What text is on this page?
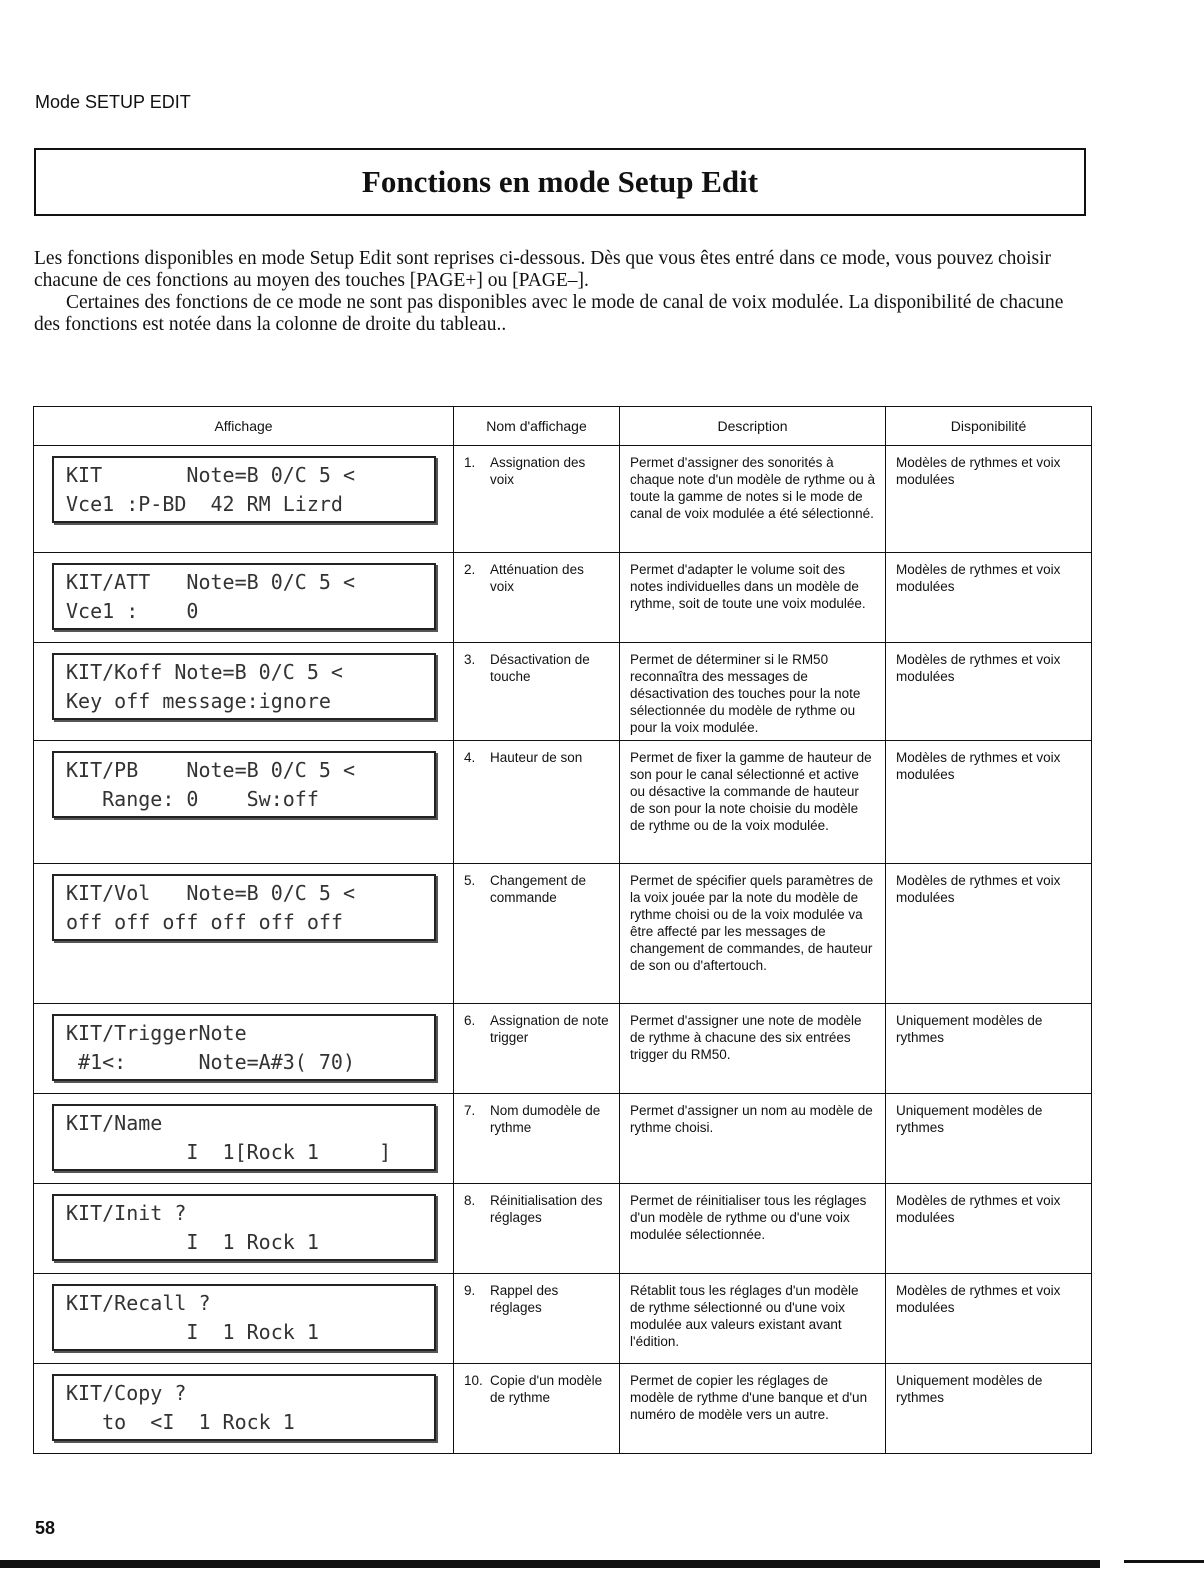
Mode SETUP EDIT
Fonctions en mode Setup Edit

Les fonctions disponibles en mode Setup Edit sont reprises ci-dessous. Dès que vous êtes entré dans ce mode, vous pouvez choisir chacune de ces fonctions au moyen des touches [PAGE+] ou [PAGE–].

Certaines des fonctions de ce mode ne sont pas disponibles avec le mode de canal de voix modulée. La disponibilité de chacune des fonctions est notée dans la colonne de droite du tableau..

Affichage	Nom d'affichage	Description	Disponibilité

KIT       Note=B 0/C 5 <
Vce1 :P-BD  42 RM Lizrd	1. Assignation des voix	Permet d'assigner des sonorités à chaque note d'un modèle de rythme ou à toute la gamme de notes si le mode de canal de voix modulée a été sélectionné.	Modèles de rythmes et voix modulées

KIT/ATT   Note=B 0/C 5 <
Vce1 :    0	2. Atténuation des voix	Permet d'adapter le volume soit des notes individuelles dans un modèle de rythme, soit de toute une voix modulée.	Modèles de rythmes et voix modulées

KIT/Koff Note=B 0/C 5 <
Key off message:ignore	3. Désactivation de touche	Permet de déterminer si le RM50 reconnaîtra des messages de désactivation des touches pour la note sélectionnée du modèle de rythme ou pour la voix modulée.	Modèles de rythmes et voix modulées

KIT/PB    Note=B 0/C 5 <
Range: 0    Sw:off	4. Hauteur de son	Permet de fixer la gamme de hauteur de son pour le canal sélectionné et active ou désactive la commande de hauteur de son pour la note choisie du modèle de rythme ou de la voix modulée.	Modèles de rythmes et voix modulées

KIT/Vol   Note=B 0/C 5 <
off off off off off off	5. Changement de commande	Permet de spécifier quels paramètres de la voix jouée par la note du modèle de rythme choisi ou de la voix modulée va être affecté par les messages de changement de commandes, de hauteur de son ou d'aftertouch.	Modèles de rythmes et voix modulées

KIT/TriggerNote
#1<:      Note=A#3( 70)	6. Assignation de note trigger	Permet d'assigner une note de modèle de rythme à chacune des six entrées trigger du RM50.	Uniquement modèles de rythmes

KIT/Name
I  1[Rock 1     ]	7. Nom dumodèle de rythme	Permet d'assigner un nom au modèle de rythme choisi.	Uniquement modèles de rythmes

KIT/Init ?
I  1 Rock 1	8. Réinitialisation des réglages	Permet de réinitialiser tous les réglages d'un modèle de rythme ou d'une voix modulée sélectionnée.	Modèles de rythmes et voix modulées

KIT/Recall ?
I  1 Rock 1	9. Rappel des réglages	Rétablit tous les réglages d'un modèle de rythme sélectionné ou d'une voix modulée aux valeurs existant avant l'édition.	Modèles de rythmes et voix modulées

KIT/Copy ?
to  <I  1 Rock 1	10. Copie d'un modèle de rythme	Permet de copier les réglages de modèle de rythme d'une banque et d'un numéro de modèle vers un autre.	Uniquement modèles de rythmes
58
